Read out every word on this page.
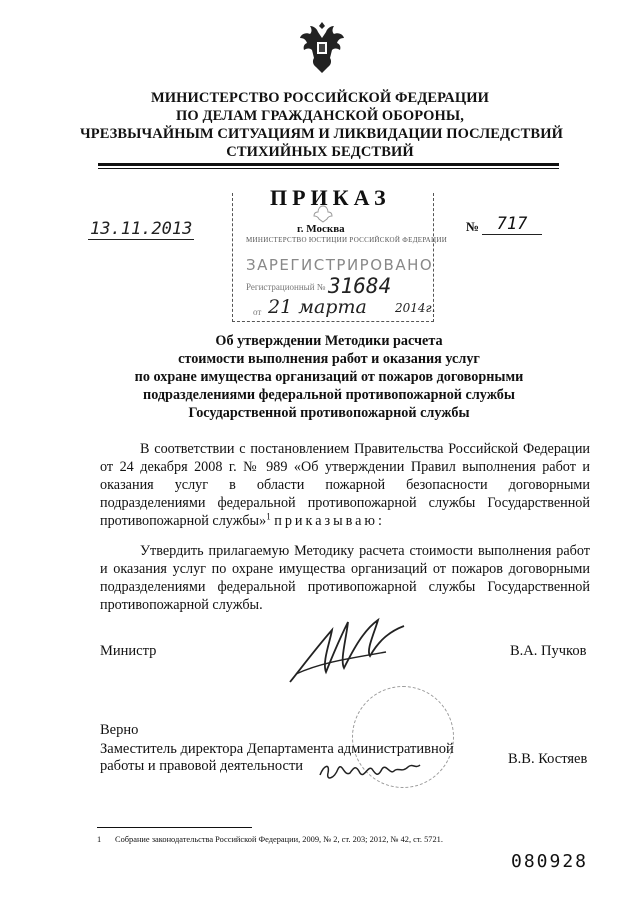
МИНИСТЕРСТВО РОССИЙСКОЙ ФЕДЕРАЦИИ
ПО ДЕЛАМ ГРАЖДАНСКОЙ ОБОРОНЫ,
ЧРЕЗВЫЧАЙНЫМ СИТУАЦИЯМ И ЛИКВИДАЦИИ ПОСЛЕДСТВИЙ
СТИХИЙНЫХ БЕДСТВИЙ
ПРИКАЗ
13.11.2013	г. Москва	№	717
МИНИСТЕРСТВО ЮСТИЦИИ РОССИЙСКОЙ ФЕДЕРАЦИИ
ЗАРЕГИСТРИРОВАНО
Регистрационный № 31684
от 21 марта 2014г.
Об утверждении Методики расчета
стоимости выполнения работ и оказания услуг
по охране имущества организаций от пожаров договорными
подразделениями федеральной противопожарной службы
Государственной противопожарной службы
В соответствии с постановлением Правительства Российской Федерации от 24 декабря 2008 г. № 989 «Об утверждении Правил выполнения работ и оказания услуг в области пожарной безопасности договорными подразделениями федеральной противопожарной службы Государственной противопожарной службы»$^1$ приказываю:
Утвердить прилагаемую Методику расчета стоимости выполнения работ и оказания услуг по охране имущества организаций от пожаров договорными подразделениями федеральной противопожарной службы Государственной противопожарной службы.
Министр	В.А. Пучков
Верно
Заместитель директора Департамента административной
работы и правовой деятельности	В.В. Костяев
1 Собрание законодательства Российской Федерации, 2009, № 2, ст. 203; 2012, № 42, ст. 5721.
080928
